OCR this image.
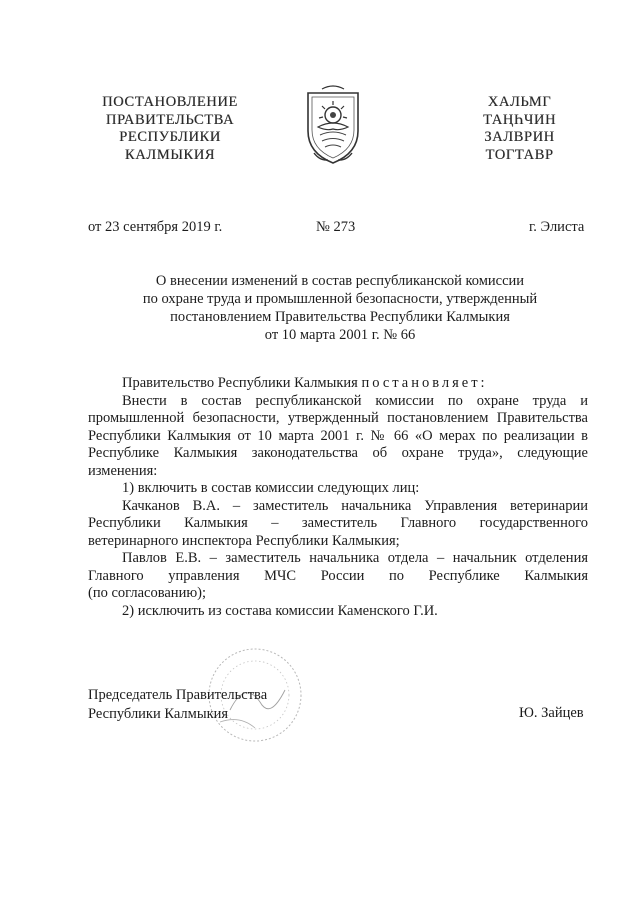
ПОСТАНОВЛЕНИЕ
ПРАВИТЕЛЬСТВА
РЕСПУБЛИКИ
КАЛМЫКИЯ
ХАЛЬМГ
ТАҢҺЧИН
ЗАЛВРИН
ТОГТАВР
от 23 сентября 2019 г.	№ 273	г. Элиста
О внесении изменений в состав республиканской комиссии
по охране труда и промышленной безопасности, утвержденный
постановлением Правительства Республики Калмыкия
от 10 марта 2001 г. № 66

Правительство Республики Калмыкия постановляет:

Внести в состав республиканской комиссии по охране труда и
промышленной безопасности, утвержденный постановлением Правительства
Республики Калмыкия от 10 марта 2001 г. № 66 «О мерах по реализации в
Республике Калмыкия законодательства об охране труда», следующие
изменения:
1) включить в состав комиссии следующих лиц:
Качканов В.А. – заместитель начальника Управления ветеринарии
Республики Калмыкия – заместитель Главного государственного
ветеринарного инспектора Республики Калмыкия;
Павлов Е.В. – заместитель начальника отдела – начальник отделения
Главного управления МЧС России по Республике Калмыкия
(по согласованию);
2) исключить из состава комиссии Каменского Г.И.
Председатель Правительства
Республики Калмыкия	Ю. Зайцев
